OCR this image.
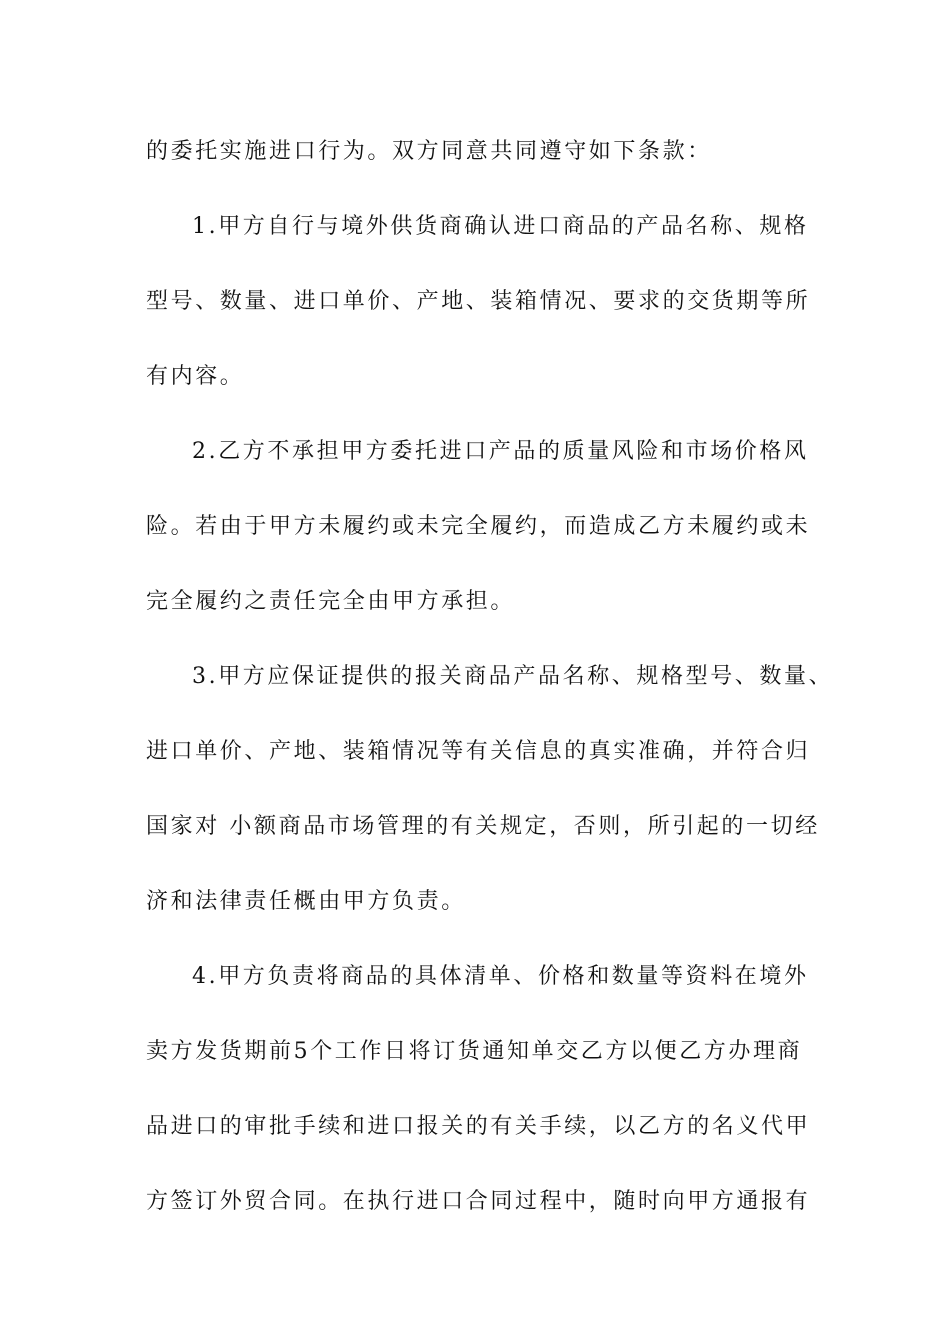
的委托实施进口行为。双方同意共同遵守如下条款：

1.甲方自行与境外供货商确认进口商品的产品名称、规格

型号、数量、进口单价、产地、装箱情况、要求的交货期等所

有内容。

2.乙方不承担甲方委托进口产品的质量风险和市场价格风

险。若由于甲方未履约或未完全履约，而造成乙方未履约或未

完全履约之责任完全由甲方承担。

3.甲方应保证提供的报关商品产品名称、规格型号、数量、

进口单价、产地、装箱情况等有关信息的真实准确，并符合归

国家对 小额商品市场管理的有关规定，否则，所引起的一切经

济和法律责任概由甲方负责。

4.甲方负责将商品的具体清单、价格和数量等资料在境外

卖方发货期前5个工作日将订货通知单交乙方以便乙方办理商

品进口的审批手续和进口报关的有关手续，以乙方的名义代甲

方签订外贸合同。在执行进口合同过程中，随时向甲方通报有
